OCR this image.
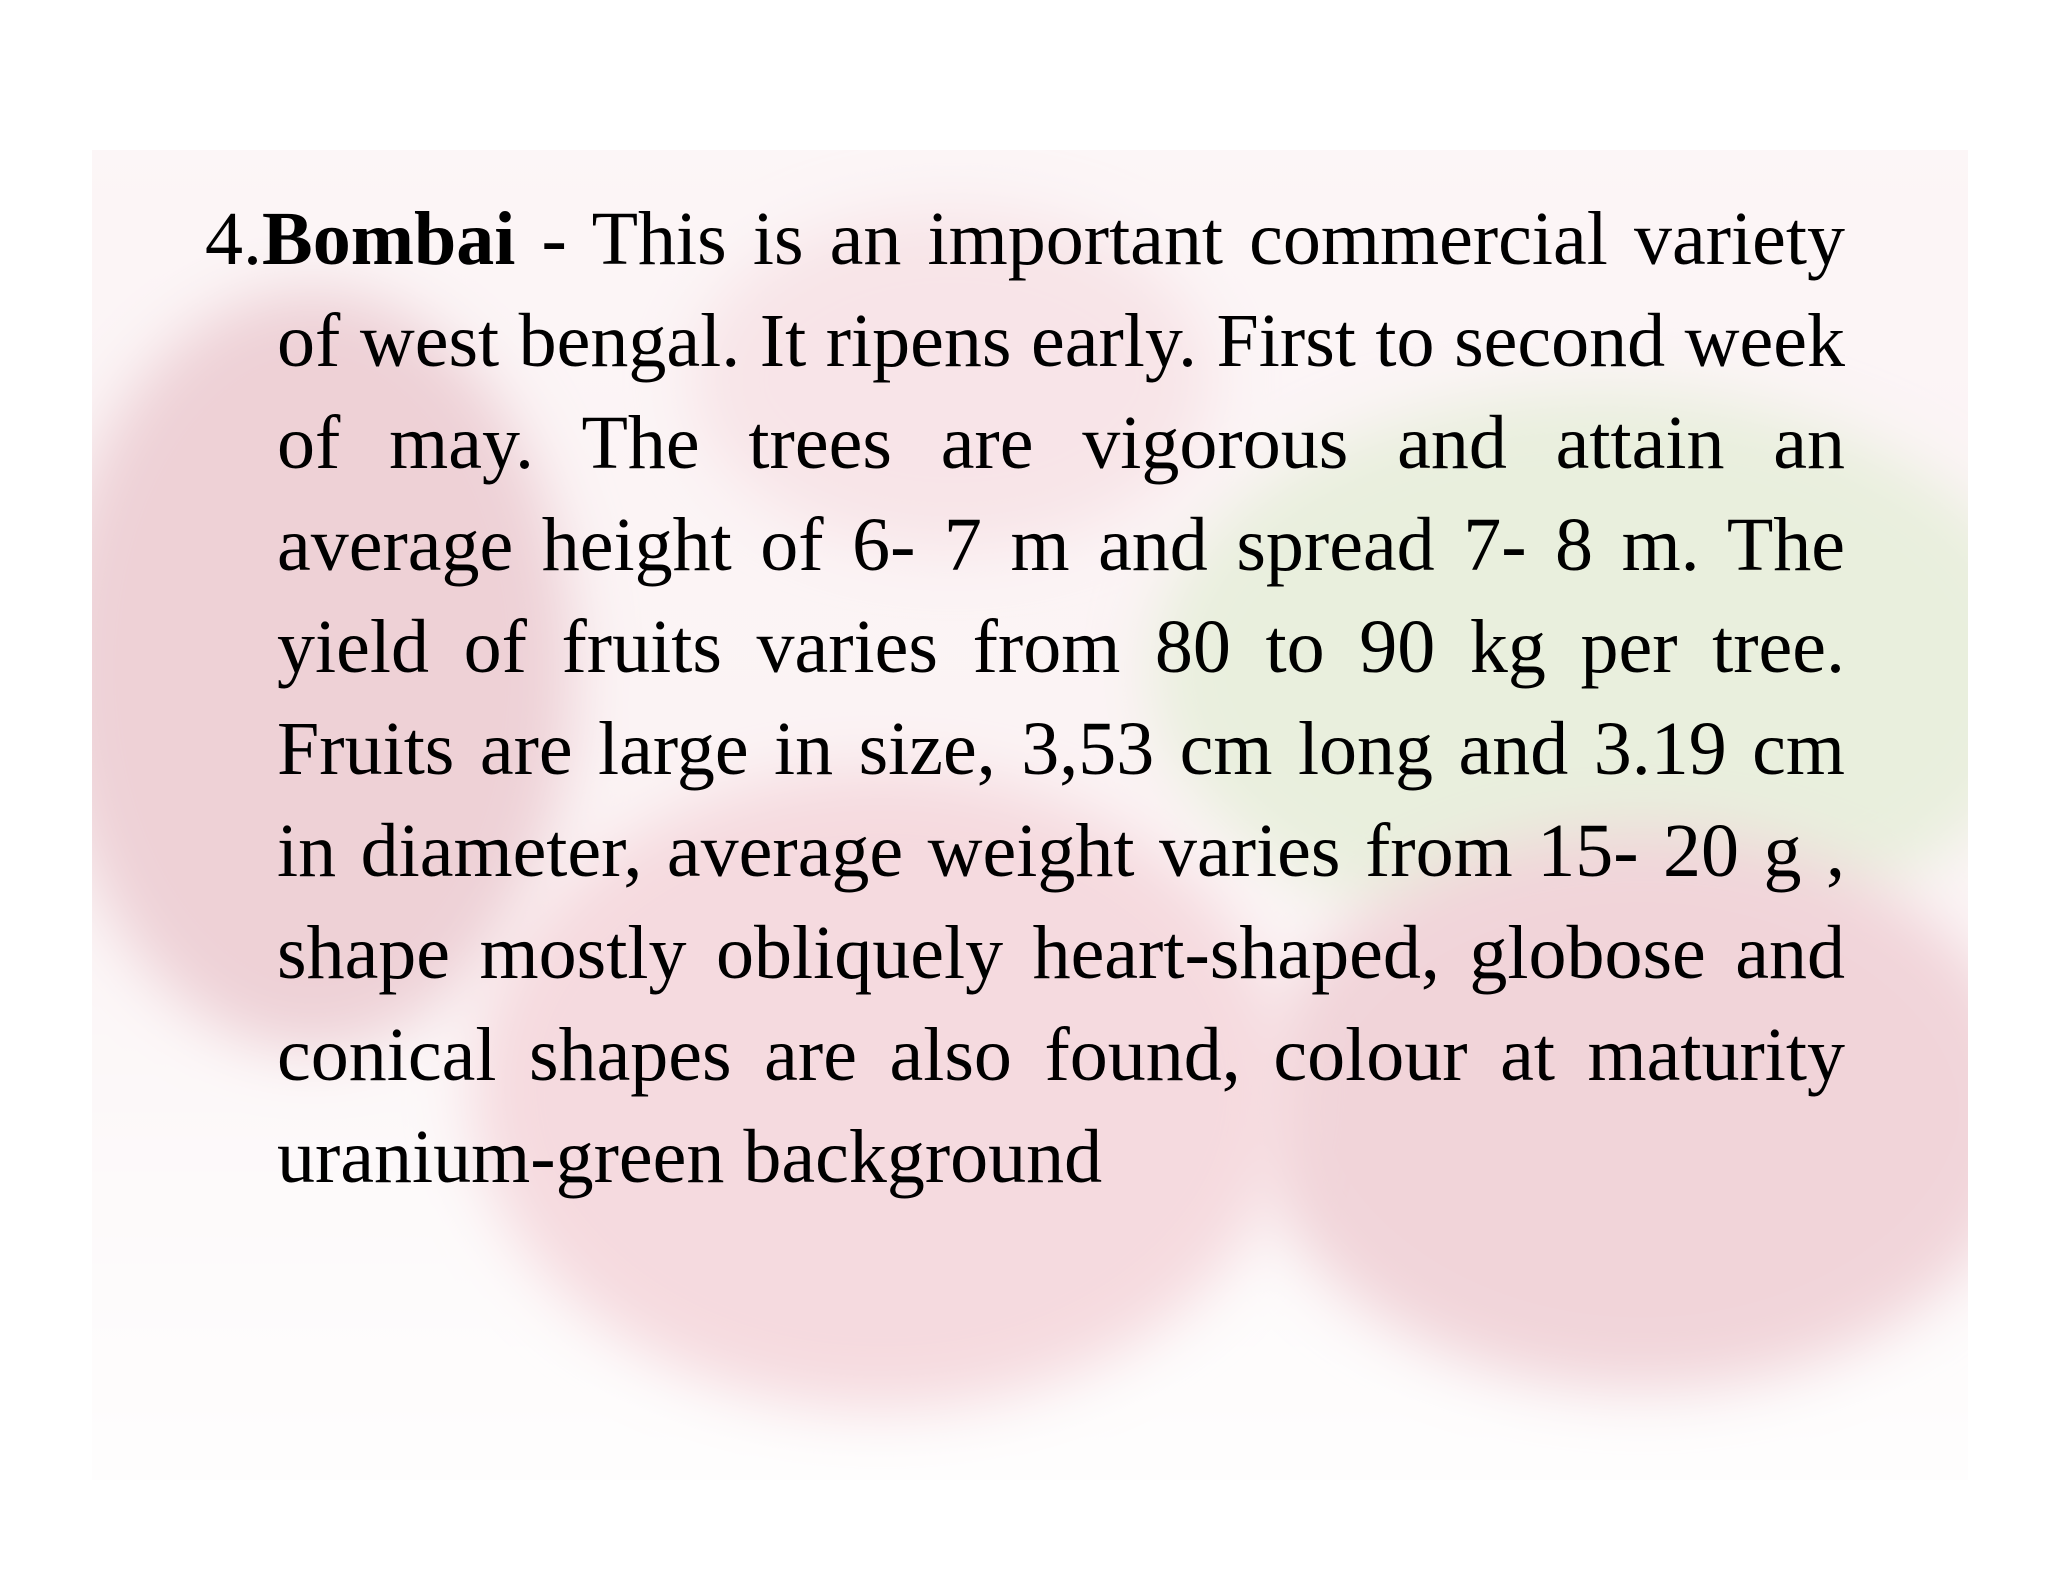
4.Bombai - This is an important commercial variety of west bengal. It ripens early. First to second week of may. The trees are vigorous and attain an average height of 6- 7 m and spread 7- 8 m. The yield of fruits varies from 80 to 90 kg per tree. Fruits are large in size, 3,53 cm long and 3.19 cm in diameter, average weight varies from 15- 20 g , shape mostly obliquely heart-shaped, globose and conical shapes are also found, colour at maturity uranium-green background
